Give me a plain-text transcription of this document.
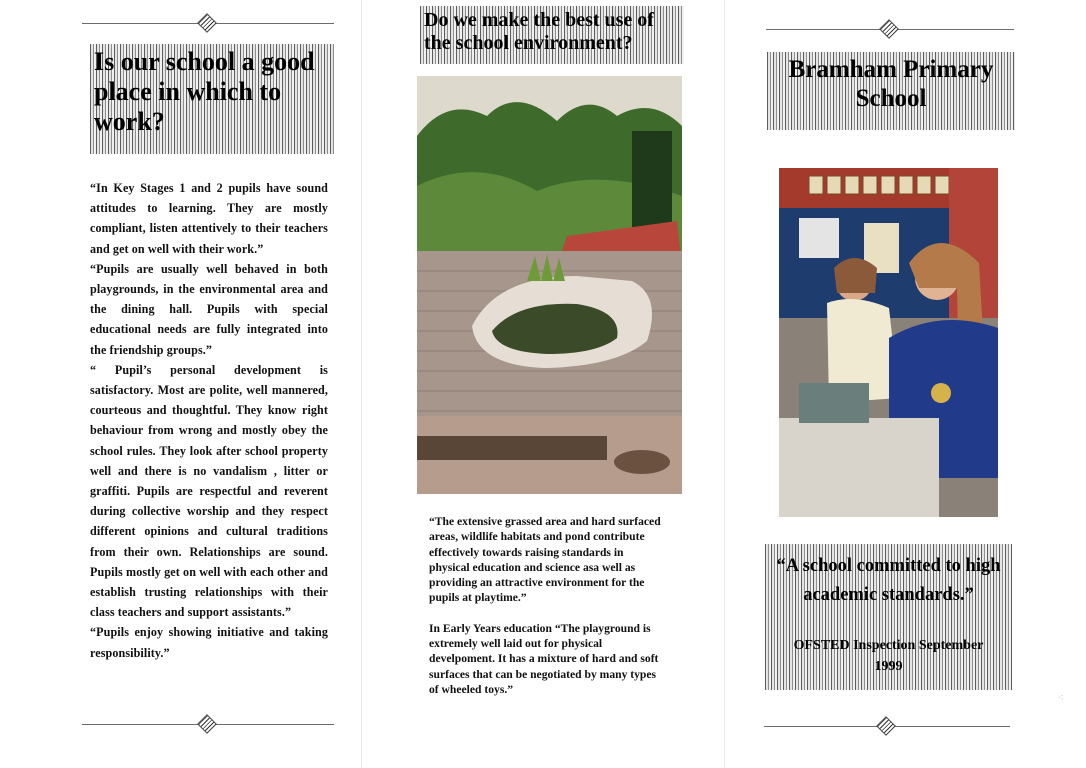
Is our school a good place in which to work?

“In Key Stages 1 and 2 pupils have sound attitudes to learning. They are mostly compliant, listen attentively to their teachers and get on well with their work.”

“Pupils are usually well behaved in both playgrounds, in the environmental area and the dining hall. Pupils with special educational needs are fully integrated into the friendship groups.”

“ Pupil’s personal development is satisfactory. Most are polite, well mannered, courteous and thoughtful. They know right behaviour from wrong and mostly obey the school rules. They look after school property well and there is no vandalism , litter or graffiti. Pupils are respectful and reverent during collective worship and they respect different opinions and cultural traditions from their own. Relationships are sound. Pupils mostly get on well with each other and establish trusting relationships with their class teachers and support assistants.”

“Pupils enjoy showing initiative and taking responsibility.”

Do we make the best use of the school environment?

“The extensive grassed area and hard surfaced areas, wildlife habitats and pond contribute effectively towards raising standards in physical education and science asa well as providing an attractive environment for the pupils at playtime.”

In Early Years education “The playground is extremely well laid out for physical develpoment. It has a mixture of hard and soft surfaces that can be negotiated by many types of wheeled toys.”

Bramham Primary School
“A school committed to high academic standards.”
OFSTED Inspection September 1999
⁖
